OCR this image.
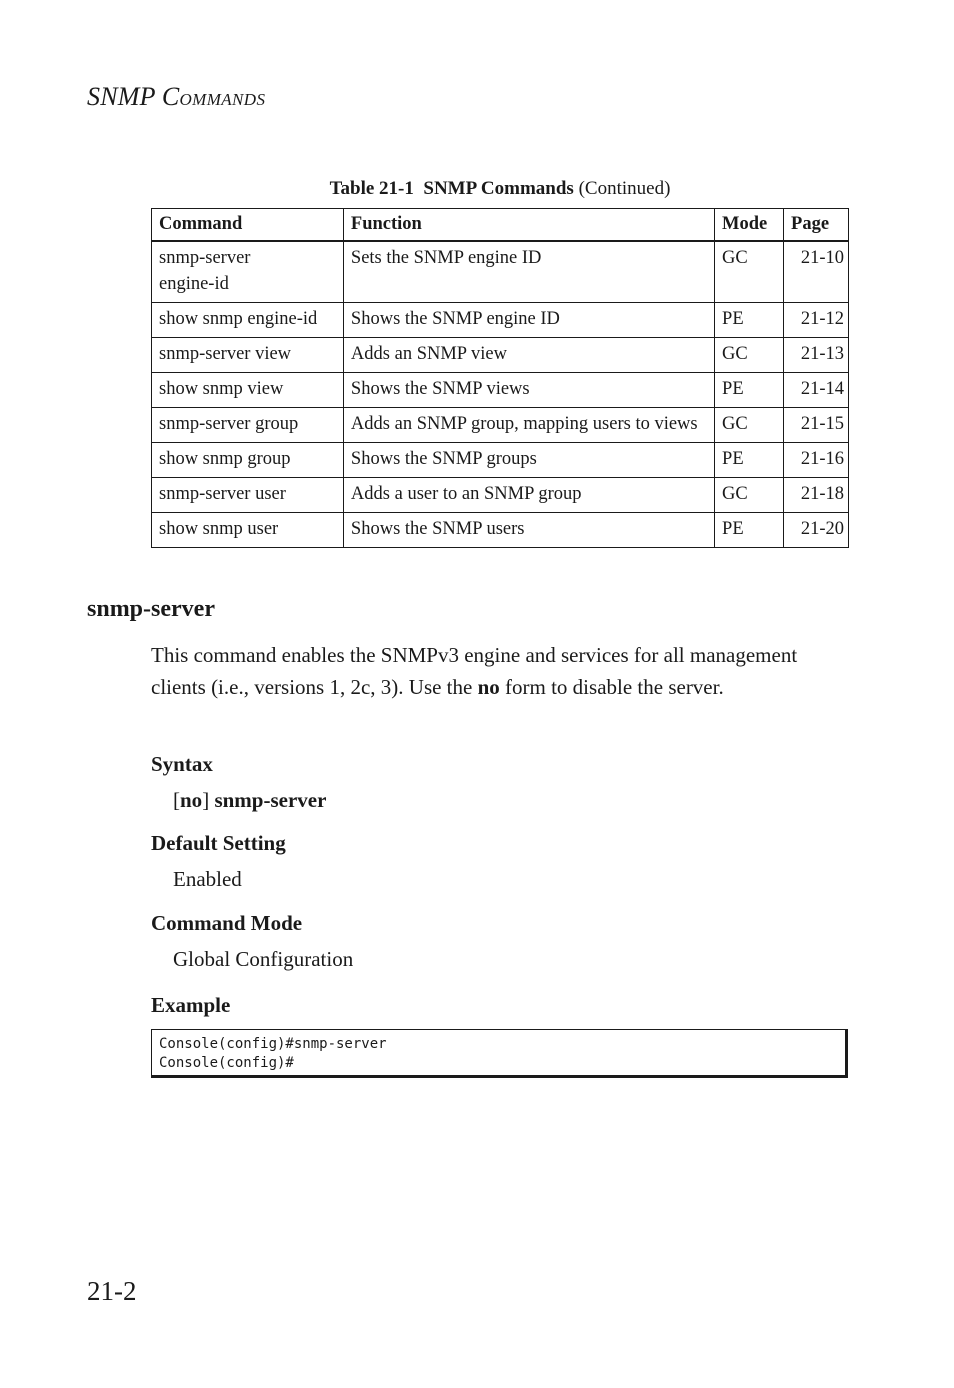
SNMP COMMANDS
Table 21-1 SNMP Commands (Continued)
Command	Function	Mode	Page
snmp-server engine-id	Sets the SNMP engine ID	GC	21-10
show snmp engine-id	Shows the SNMP engine ID	PE	21-12
snmp-server view	Adds an SNMP view	GC	21-13
show snmp view	Shows the SNMP views	PE	21-14
snmp-server group	Adds an SNMP group, mapping users to views	GC	21-15
show snmp group	Shows the SNMP groups	PE	21-16
snmp-server user	Adds a user to an SNMP group	GC	21-18
show snmp user	Shows the SNMP users	PE	21-20
snmp-server
This command enables the SNMPv3 engine and services for all management clients (i.e., versions 1, 2c, 3). Use the no form to disable the server.
Syntax
[no] snmp-server
Default Setting
Enabled
Command Mode
Global Configuration
Example
Console(config)#snmp-server
Console(config)#
21-2
